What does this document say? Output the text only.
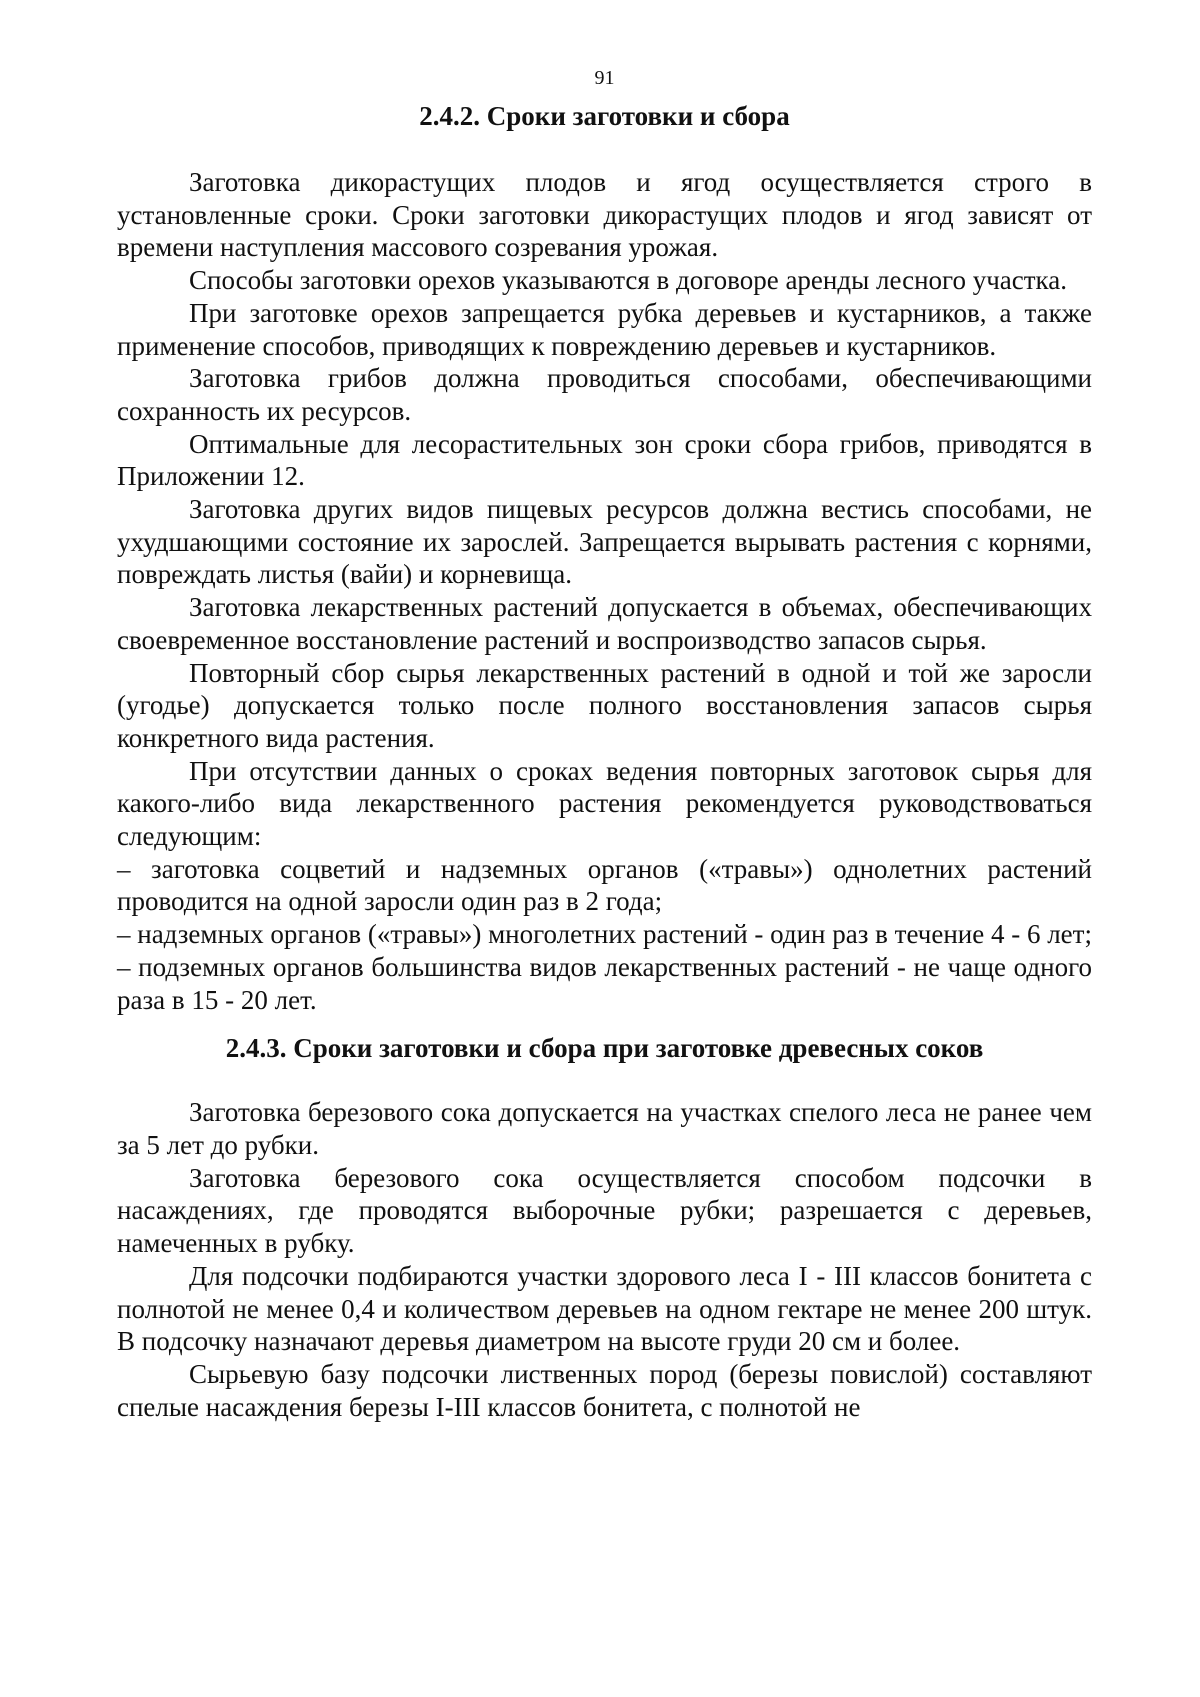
91
2.4.2. Сроки заготовки и сбора

Заготовка дикорастущих плодов и ягод осуществляется строго в установленные сроки. Сроки заготовки дикорастущих плодов и ягод зависят от времени наступления массового созревания урожая.

Способы заготовки орехов указываются в договоре аренды лесного участка.

При заготовке орехов запрещается рубка деревьев и кустарников, а также применение способов, приводящих к повреждению деревьев и кустарников.

Заготовка грибов должна проводиться способами, обеспечивающими сохранность их ресурсов.

Оптимальные для лесорастительных зон сроки сбора грибов, приводятся в Приложении 12.

Заготовка других видов пищевых ресурсов должна вестись способами, не ухудшающими состояние их зарослей. Запрещается вырывать растения с корнями, повреждать листья (вайи) и корневища.

Заготовка лекарственных растений допускается в объемах, обеспечивающих своевременное восстановление растений и воспроизводство запасов сырья.

Повторный сбор сырья лекарственных растений в одной и той же заросли (угодье) допускается только после полного восстановления запасов сырья конкретного вида растения.

При отсутствии данных о сроках ведения повторных заготовок сырья для какого-либо вида лекарственного растения рекомендуется руководствоваться следующим:

– заготовка соцветий и надземных органов («травы») однолетних растений проводится на одной заросли один раз в 2 года;

– надземных органов («травы») многолетних растений - один раз в течение 4 - 6 лет;

– подземных органов большинства видов лекарственных растений - не чаще одного раза в 15 - 20 лет.

2.4.3. Сроки заготовки и сбора при заготовке древесных соков

Заготовка березового сока допускается на участках спелого леса не ранее чем за 5 лет до рубки.

Заготовка березового сока осуществляется способом подсочки в насаждениях, где проводятся выборочные рубки; разрешается с деревьев, намеченных в рубку.

Для подсочки подбираются участки здорового леса I - III классов бонитета с полнотой не менее 0,4 и количеством деревьев на одном гектаре не менее 200 штук. В подсочку назначают деревья диаметром на высоте груди 20 см и более.

Сырьевую базу подсочки лиственных пород (березы повислой) составляют спелые насаждения березы I-III классов бонитета, с полнотой не
